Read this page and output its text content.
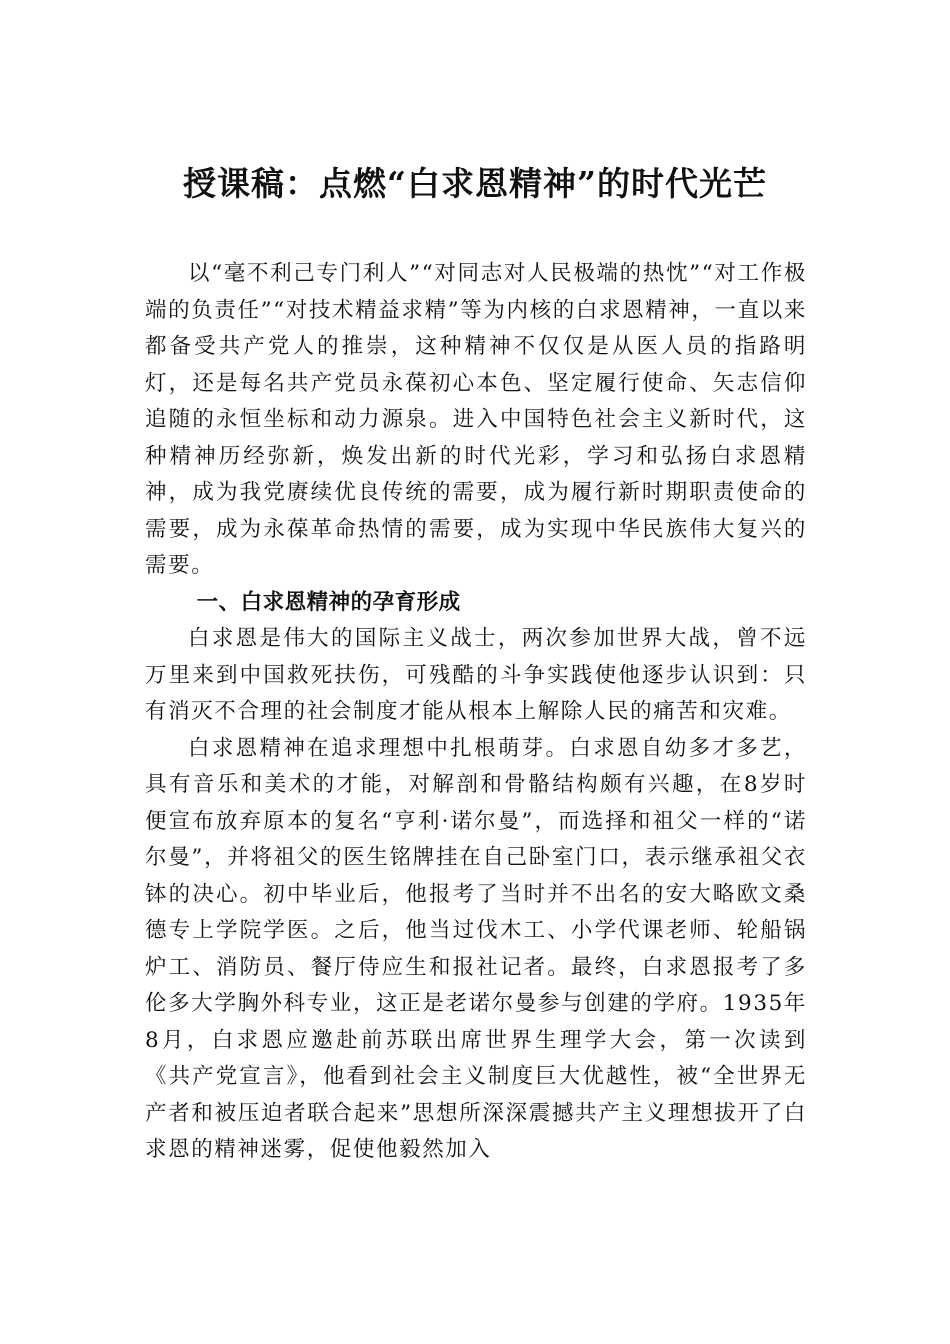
授课稿：点燃“白求恩精神”的时代光芒

以“毫不利己专门利人”“对同志对人民极端的热忱”“对工作极端的负责任”“对技术精益求精”等为内核的白求恩精神，一直以来都备受共产党人的推崇，这种精神不仅仅是从医人员的指路明灯，还是每名共产党员永葆初心本色、坚定履行使命、矢志信仰追随的永恒坐标和动力源泉。进入中国特色社会主义新时代，这种精神历经弥新，焕发出新的时代光彩，学习和弘扬白求恩精神，成为我党赓续优良传统的需要，成为履行新时期职责使命的需要，成为永葆革命热情的需要，成为实现中华民族伟大复兴的需要。

一、白求恩精神的孕育形成

白求恩是伟大的国际主义战士，两次参加世界大战，曾不远万里来到中国救死扶伤，可残酷的斗争实践使他逐步认识到：只有消灭不合理的社会制度才能从根本上解除人民的痛苦和灾难。

白求恩精神在追求理想中扎根萌芽。白求恩自幼多才多艺，具有音乐和美术的才能，对解剖和骨骼结构颇有兴趣，在8岁时便宣布放弃原本的复名“亨利·诺尔曼”，而选择和祖父一样的“诺尔曼”，并将祖父的医生铭牌挂在自己卧室门口，表示继承祖父衣钵的决心。初中毕业后，他报考了当时并不出名的安大略欧文桑德专上学院学医。之后，他当过伐木工、小学代课老师、轮船锅炉工、消防员、餐厅侍应生和报社记者。最终，白求恩报考了多伦多大学胸外科专业，这正是老诺尔曼参与创建的学府。1935年8月，白求恩应邀赴前苏联出席世界生理学大会，第一次读到《共产党宣言》，他看到社会主义制度巨大优越性，被“全世界无产者和被压迫者联合起来”思想所深深震撼共产主义理想拔开了白求恩的精神迷雾，促使他毅然加入
